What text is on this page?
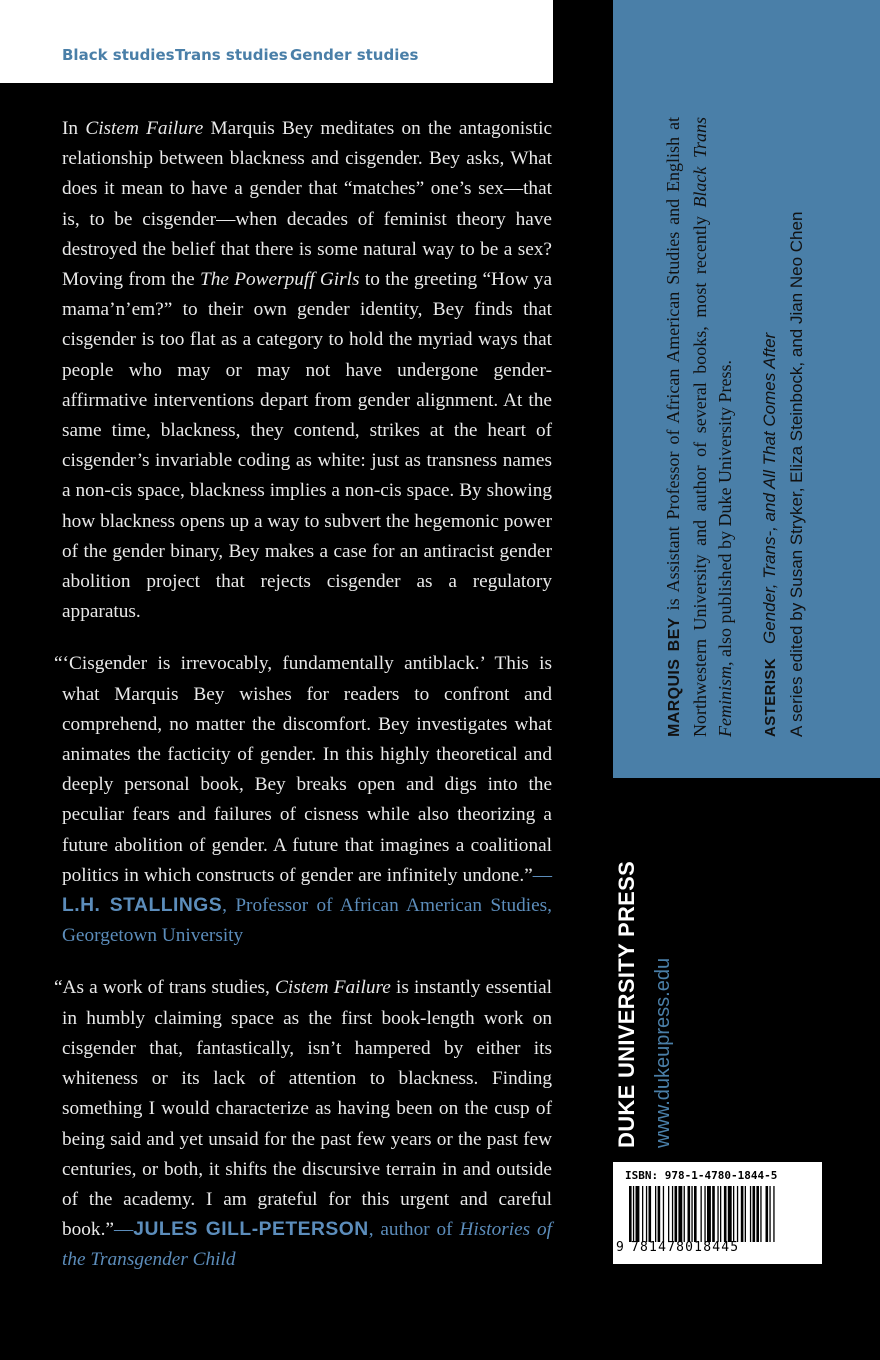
Black studies Trans studies Gender studies

In Cistem Failure Marquis Bey meditates on the antagonistic relationship between blackness and cisgender. Bey asks, What does it mean to have a gender that “matches” one’s sex—that is, to be cisgender—when decades of feminist theory have destroyed the belief that there is some natural way to be a sex? Moving from the The Powerpuff Girls to the greeting “How ya mama’n’em?” to their own gender identity, Bey finds that cisgender is too flat as a category to hold the myriad ways that people who may or may not have undergone gender-affirmative interventions depart from gender alignment. At the same time, blackness, they contend, strikes at the heart of cisgender’s invariable coding as white: just as transness names a non-cis space, blackness implies a non-cis space. By showing how blackness opens up a way to subvert the hegemonic power of the gender binary, Bey makes a case for an antiracist gender abolition project that rejects cisgender as a regulatory apparatus.

“‘Cisgender is irrevocably, fundamentally antiblack.’ This is what Marquis Bey wishes for readers to confront and comprehend, no matter the discomfort. Bey investigates what animates the facticity of gender. In this highly theoretical and deeply personal book, Bey breaks open and digs into the peculiar fears and failures of cisness while also theorizing a future abolition of gender. A future that imagines a coalitional politics in which constructs of gender are infinitely undone.”—L.H. STALLINGS, Professor of African American Studies, Georgetown University

“As a work of trans studies, Cistem Failure is instantly essential in humbly claiming space as the first book-length work on cisgender that, fantastically, isn’t hampered by either its whiteness or its lack of attention to blackness. Finding something I would characterize as having been on the cusp of being said and yet unsaid for the past few years or the past few centuries, or both, it shifts the discursive terrain in and outside of the academy. I am grateful for this urgent and careful book.”—JULES GILL-PETERSON, author of Histories of the Transgender Child

MARQUIS BEY is Assistant Professor of African American Studies and English at Northwestern University and author of several books, most recently Black Trans Feminism, also published by Duke University Press.
ASTERISKGender, Trans-, and All That Comes After A series edited by Susan Stryker, Eliza Steinbock, and Jian Neo Chen
DUKE UNIVERSITY PRESS www.dukeupress.edu
ISBN: 978-1-4780-1844-5
9 781478018445
